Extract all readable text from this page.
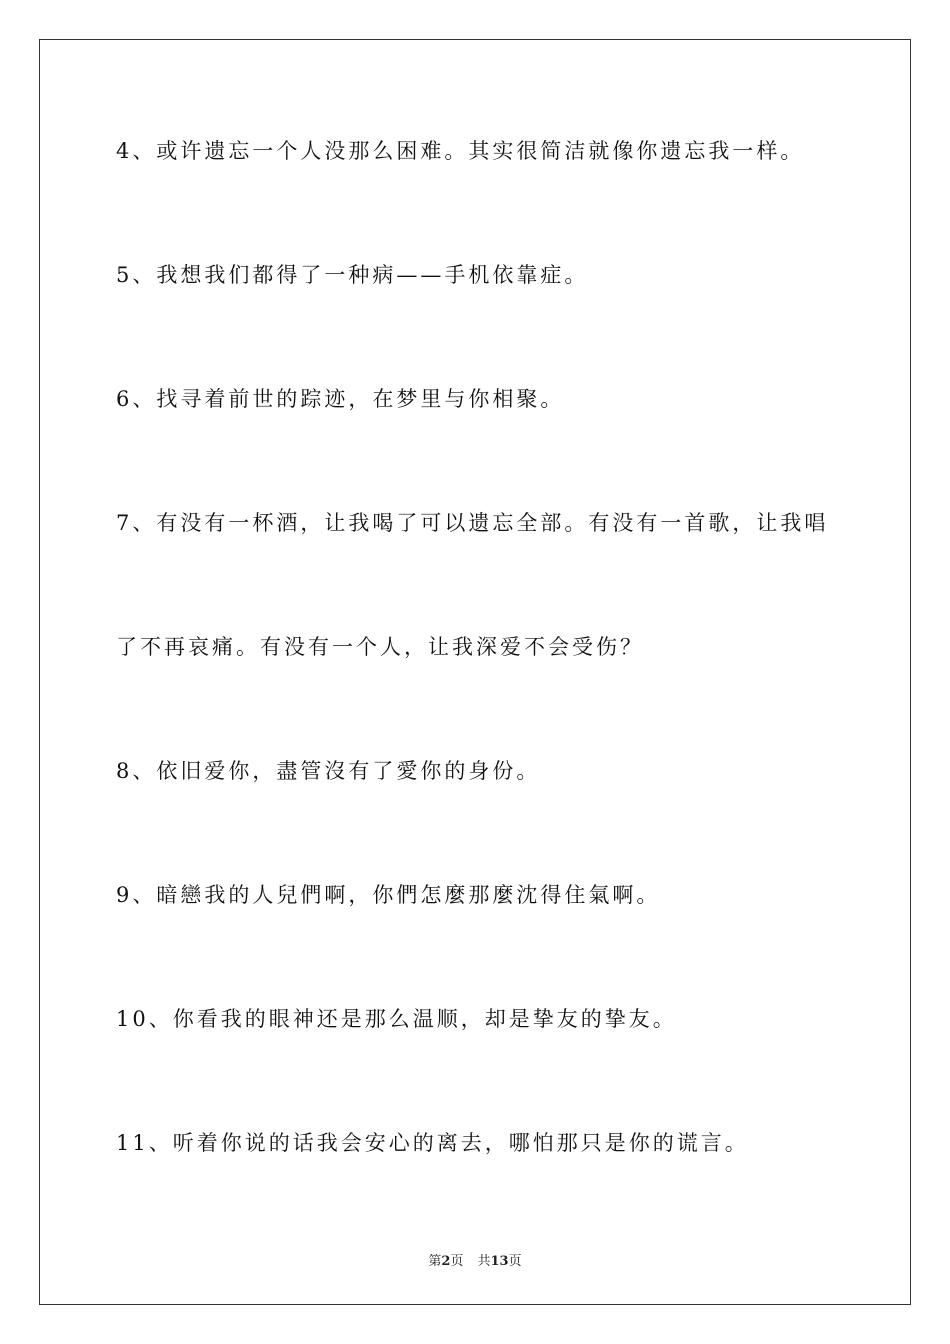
4、或许遗忘一个人没那么困难。其实很简洁就像你遗忘我一样。
5、我想我们都得了一种病——手机依靠症。
6、找寻着前世的踪迹，在梦里与你相聚。
7、有没有一杯酒，让我喝了可以遗忘全部。有没有一首歌，让我唱
了不再哀痛。有没有一个人，让我深爱不会受伤？
8、依旧爱你，盡管沒有了愛你的身份。
9、暗戀我的人兒們啊，你們怎麼那麼沈得住氣啊。
10、你看我的眼神还是那么温顺，却是挚友的挚友。
11、听着你说的话我会安心的离去，哪怕那只是你的谎言。
第2页 共13页
